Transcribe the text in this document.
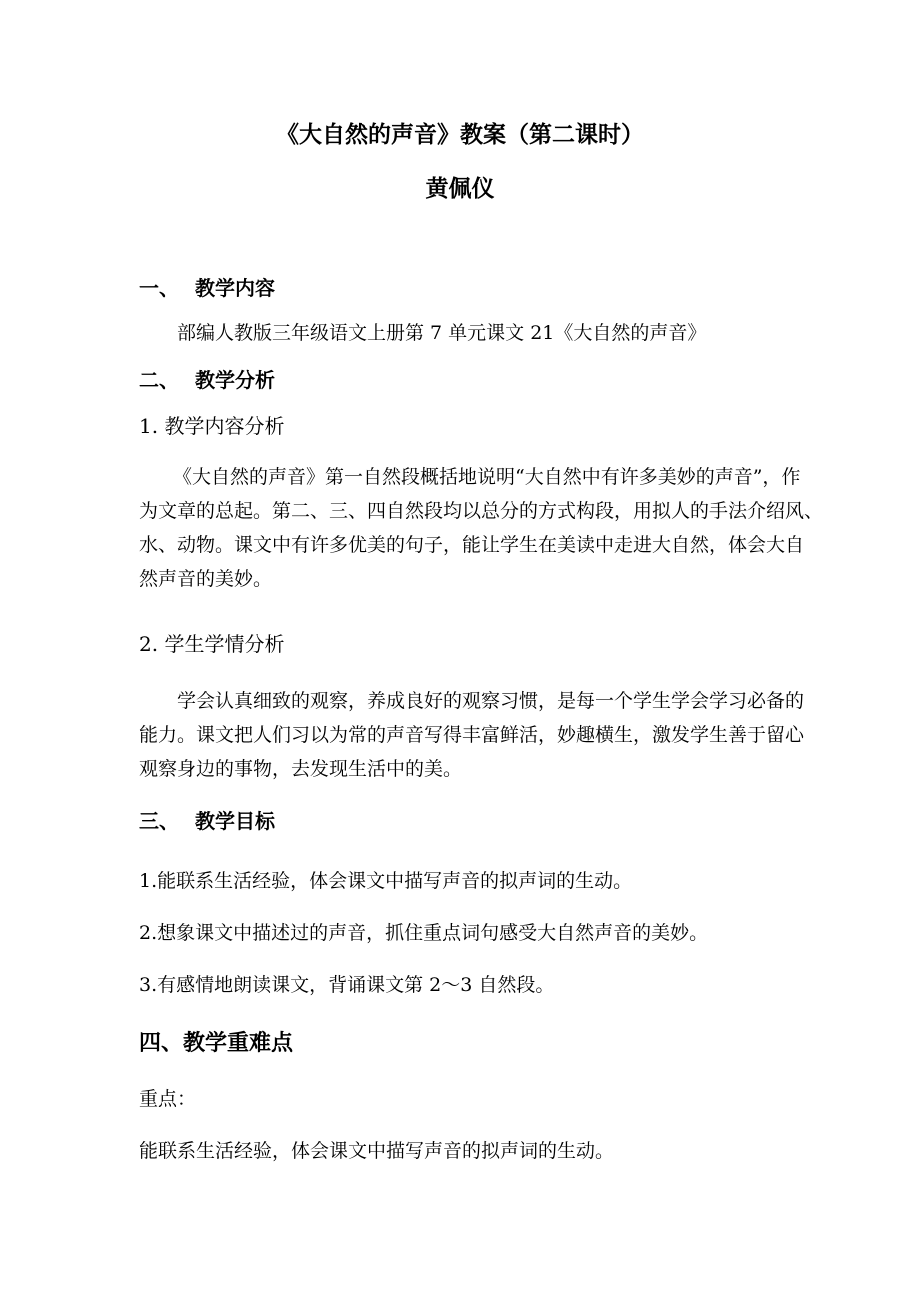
《大自然的声音》教案（第二课时）
黄佩仪
一、 教学内容
部编人教版三年级语文上册第 7 单元课文 21《大自然的声音》
二、 教学分析
1. 教学内容分析
《大自然的声音》第一自然段概括地说明“大自然中有许多美妙的声音”，作
为文章的总起。第二、三、四自然段均以总分的方式构段，用拟人的手法介绍风、
水、动物。课文中有许多优美的句子，能让学生在美读中走进大自然，体会大自
然声音的美妙。
2. 学生学情分析
学会认真细致的观察，养成良好的观察习惯，是每一个学生学会学习必备的
能力。课文把人们习以为常的声音写得丰富鲜活，妙趣横生，激发学生善于留心
观察身边的事物，去发现生活中的美。
三、 教学目标
1.能联系生活经验，体会课文中描写声音的拟声词的生动。
2.想象课文中描述过的声音，抓住重点词句感受大自然声音的美妙。
3.有感情地朗读课文，背诵课文第 2～3 自然段。
四、教学重难点
重点：
能联系生活经验，体会课文中描写声音的拟声词的生动。
